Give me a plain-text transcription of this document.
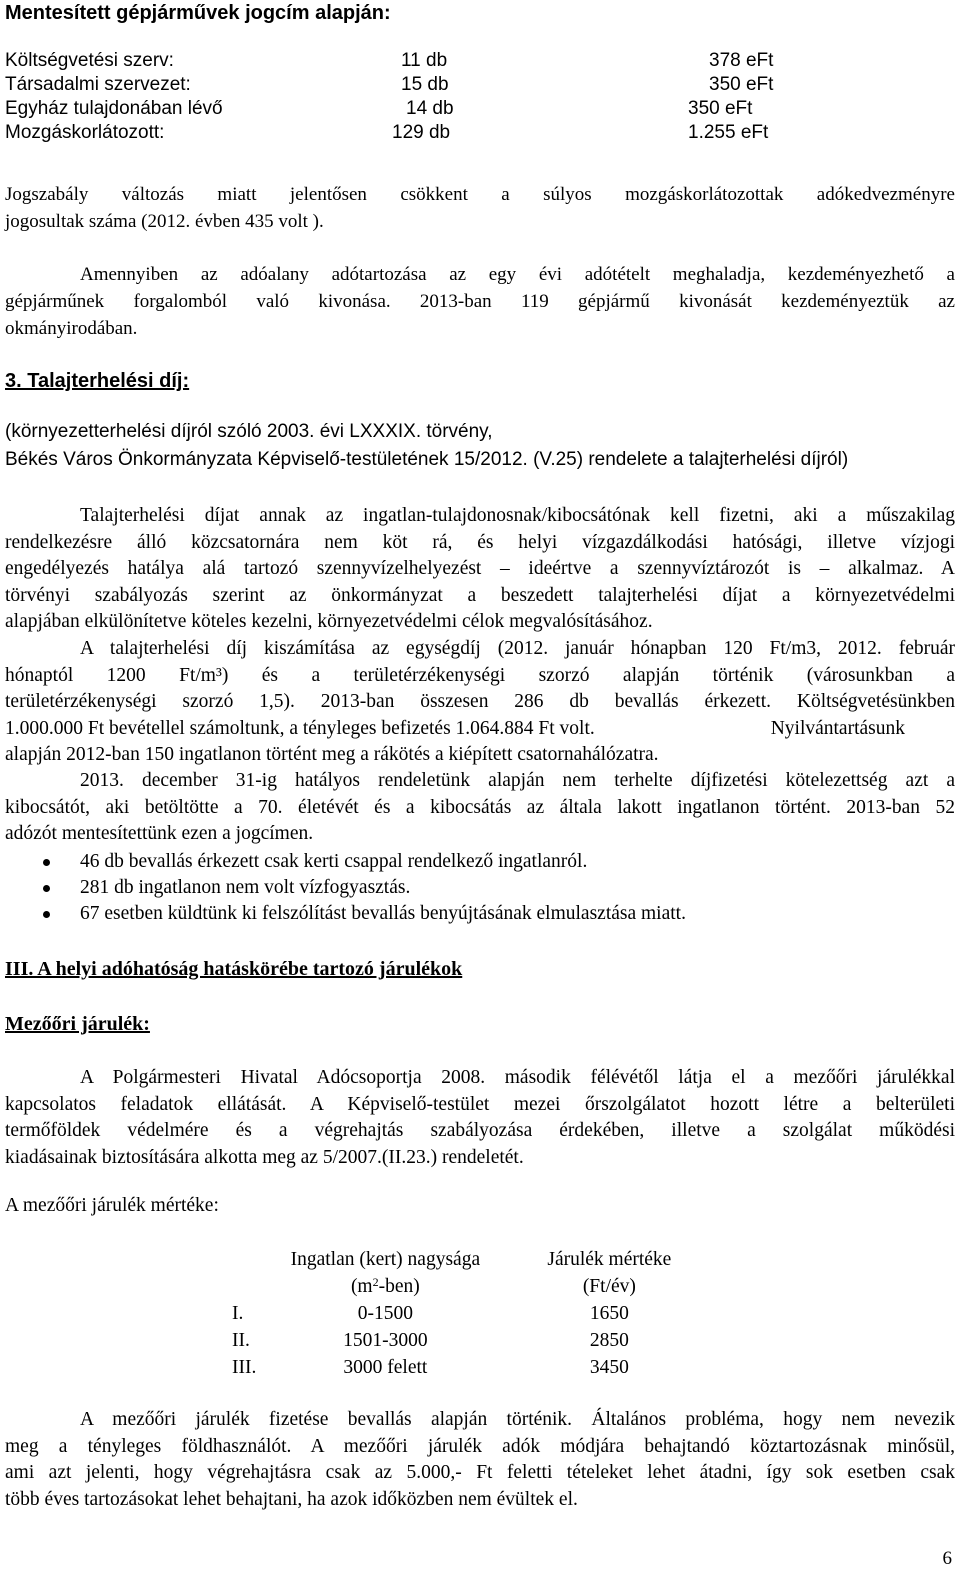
Mentesített gépjárművek jogcím alapján:
Költségvetési szerv:	11 db	378 eFt
Társadalmi szervezet:	15 db	350 eFt
Egyház tulajdonában lévő	14 db	350 eFt
Mozgáskorlátozott:	129 db	1.255 eFt
Jogszabály változás miatt jelentősen csökkent a súlyos mozgáskorlátozottak adókedvezményre
jogosultak száma (2012. évben 435 volt ).
Amennyiben az adóalany adótartozása az egy évi adótételt meghaladja, kezdeményezhető a
gépjárműnek forgalomból való kivonása. 2013-ban 119 gépjármű kivonását kezdeményeztük az
okmányirodában.
3. Talajterhelési díj:
(környezetterhelési díjról szóló 2003. évi LXXXIX. törvény,
Békés Város Önkormányzata Képviselő-testületének 15/2012. (V.25) rendelete a talajterhelési díjról)
Talajterhelési díjat annak az ingatlan-tulajdonosnak/kibocsátónak kell fizetni, aki a műszakilag
rendelkezésre álló közcsatornára nem köt rá, és helyi vízgazdálkodási hatósági, illetve vízjogi
engedélyezés hatálya alá tartozó szennyvízelhelyezést – ideértve a szennyvíztározót is – alkalmaz. A
törvényi szabályozás szerint az önkormányzat a beszedett talajterhelési díjat a környezetvédelmi
alapjában elkülönítetve köteles kezelni, környezetvédelmi célok megvalósításához.
A talajterhelési díj kiszámítása az egységdíj (2012. január hónapban 120 Ft/m3, 2012. február
hónaptól 1200 Ft/m³) és a területérzékenységi szorzó alapján történik (városunkban a
területérzékenységi szorzó 1,5). 2013-ban összesen 286 db bevallás érkezett. Költségvetésünkben
1.000.000 Ft bevétellel számoltunk, a tényleges befizetés 1.064.884 Ft volt.	Nyilvántartásunk
alapján 2012-ban 150 ingatlanon történt meg a rákötés a kiépített csatornahálózatra.
2013. december 31-ig hatályos rendeletünk alapján nem terhelte díjfizetési kötelezettség azt a
kibocsátót, aki betöltötte a 70. életévét és a kibocsátás az általa lakott ingatlanon történt. 2013-ban 52
adózót mentesítettünk ezen a jogcímen.
46 db bevallás érkezett csak kerti csappal rendelkező ingatlanról.
281 db ingatlanon nem volt vízfogyasztás.
67 esetben küldtünk ki felszólítást bevallás benyújtásának elmulasztása miatt.
III. A helyi adóhatóság hatáskörébe tartozó járulékok
Mezőőri járulék:
A Polgármesteri Hivatal Adócsoportja 2008. második félévétől látja el a mezőőri járulékkal
kapcsolatos feladatok ellátását. A Képviselő-testület mezei őrszolgálatot hozott létre a belterületi
termőföldek védelmére és a végrehajtás szabályozása érdekében, illetve a szolgálat működési
kiadásainak biztosítására alkotta meg az 5/2007.(II.23.) rendeletét.
A mezőőri járulék mértéke:
	Ingatlan (kert) nagysága	Járulék mértéke
	$(m^2-ben)$	(Ft/év)
I.	0-1500	1650
II.	1501-3000	2850
III.	3000 felett	3450
A mezőőri járulék fizetése bevallás alapján történik. Általános probléma, hogy nem nevezik
meg a tényleges földhasználót. A mezőőri járulék adók módjára behajtandó köztartozásnak minősül,
ami azt jelenti, hogy végrehajtásra csak az 5.000,- Ft feletti tételeket lehet átadni, így sok esetben csak
több éves tartozásokat lehet behajtani, ha azok időközben nem évültek el.
6
